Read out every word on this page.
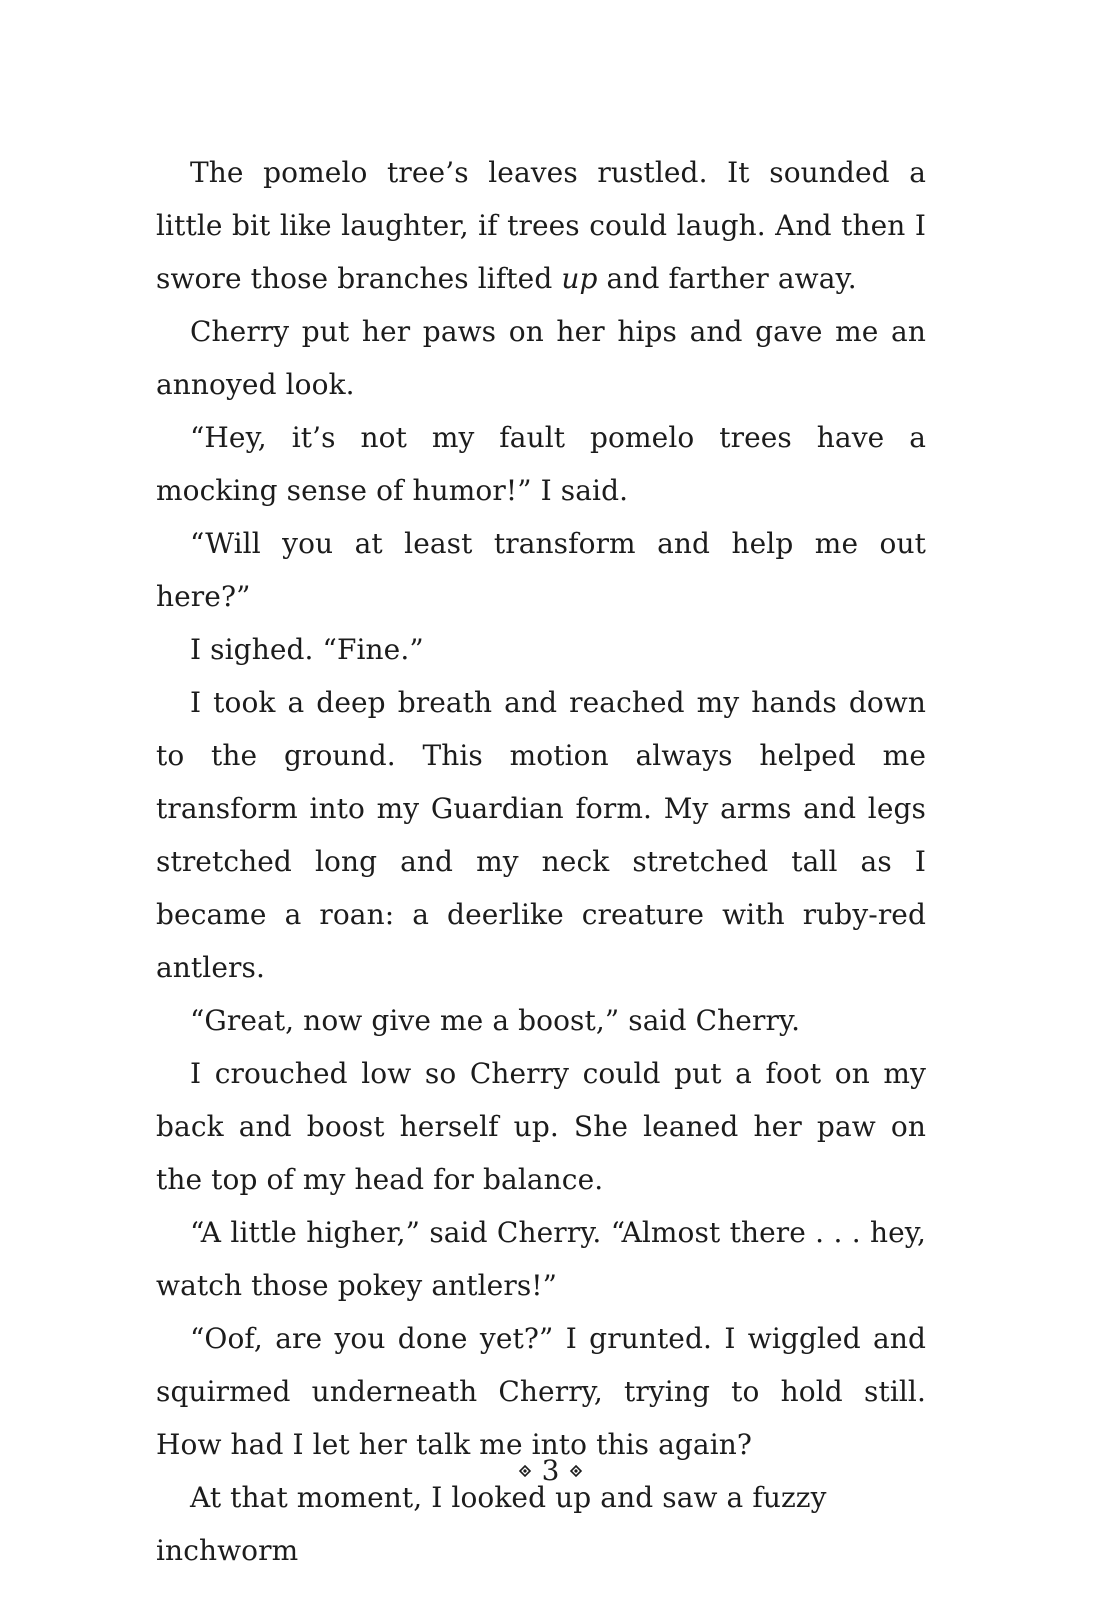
The pomelo tree’s leaves rustled. It sounded a little bit like laughter, if trees could laugh. And then I swore those branches lifted up and farther away.

Cherry put her paws on her hips and gave me an annoyed look.

“Hey, it’s not my fault pomelo trees have a mocking sense of humor!” I said.

“Will you at least transform and help me out here?”

I sighed. “Fine.”

I took a deep breath and reached my hands down to the ground. This motion always helped me transform into my Guardian form. My arms and legs stretched long and my neck stretched tall as I became a roan: a deerlike creature with ruby-red antlers.

“Great, now give me a boost,” said Cherry.

I crouched low so Cherry could put a foot on my back and boost herself up. She leaned her paw on the top of my head for balance.

“A little higher,” said Cherry. “Almost there . . . hey, watch those pokey antlers!”

“Oof, are you done yet?” I grunted. I wiggled and squirmed underneath Cherry, trying to hold still. How had I let her talk me into this again?

At that moment, I looked up and saw a fuzzy inchworm

3
